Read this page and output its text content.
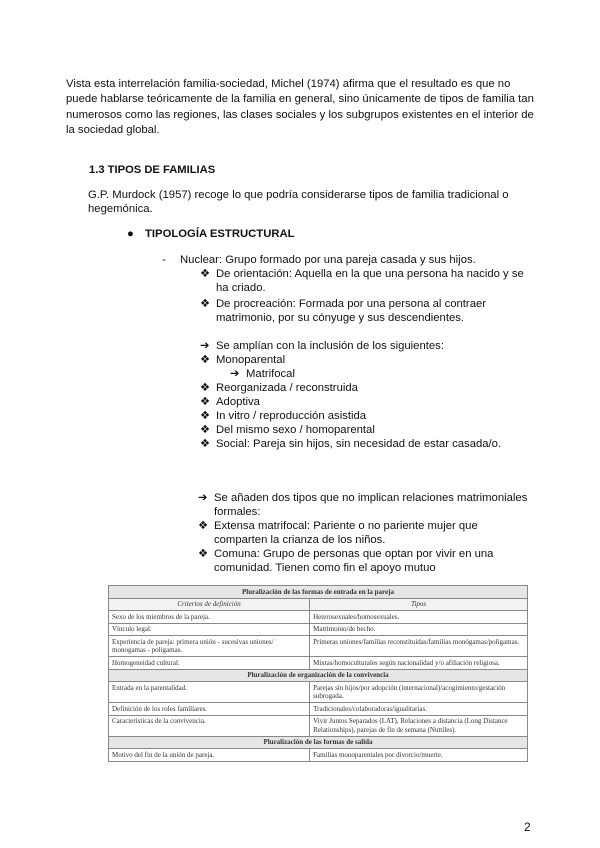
Vista esta interrelación familia-sociedad, Michel (1974) afirma que el resultado es que no puede hablarse teóricamente de la familia en general, sino únicamente de tipos de familia tan numerosos como las regiones, las clases sociales y los subgrupos existentes en el interior de la sociedad global.
1.3 TIPOS DE FAMILIAS
G.P. Murdock (1957) recoge lo que podría considerarse tipos de familia tradicional o hegemónica.
● TIPOLOGÍA ESTRUCTURAL
- Nuclear: Grupo formado por una pareja casada y sus hijos.
❖ De orientación: Aquella en la que una persona ha nacido y se ha criado.
❖ De procreación: Formada por una persona al contraer matrimonio, por su cónyuge y sus descendientes.
➔ Se amplían con la inclusión de los siguientes:
❖ Monoparental
➔ Matrifocal
❖ Reorganizada / reconstruida
❖ Adoptiva
❖ In vitro / reproducción asistida
❖ Del mismo sexo / homoparental
❖ Social: Pareja sin hijos, sin necesidad de estar casada/o.
➔ Se añaden dos tipos que no implican relaciones matrimoniales formales:
❖ Extensa matrifocal: Pariente o no pariente mujer que comparten la crianza de los niños.
❖ Comuna: Grupo de personas que optan por vivir en una comunidad. Tienen como fin el apoyo mutuo
Pluralización de las formas de entrada en la pareja	
Criterios de definición	Tipos
Sexo de los miembros de la pareja.	Heterosexuales/homosexuales.
Vínculo legal.	Matrimonio/de hecho.
Experiencia de pareja: primera unión - sucesivas uniones/ monogamas - poligamas.	Primeras uniones/familias reconstituidas/familias monógamas/poligamas.
Homogeneidad cultural.	Mixtas/homoculturales según nacionalidad y/o afiliación religiosa.
Pluralización de organización de la convivencia	
Entrada en la parentalidad.	Parejas sin hijos/por adopción (internacional)/acogimiento/gestación subrogada.
Definición de los roles familiares.	Tradicionales/colaboradoras/igualitarias.
Características de la convivencia.	Vivir Juntos Separados (LAT), Relaciones a distancia (Long Distance Relationships), parejas de fin de semana (Nuttiles).
Pluralización de las formas de salida	
Motivo del fin de la unión de pareja.	Familias monoparentales por divorcio/muerte.
2
